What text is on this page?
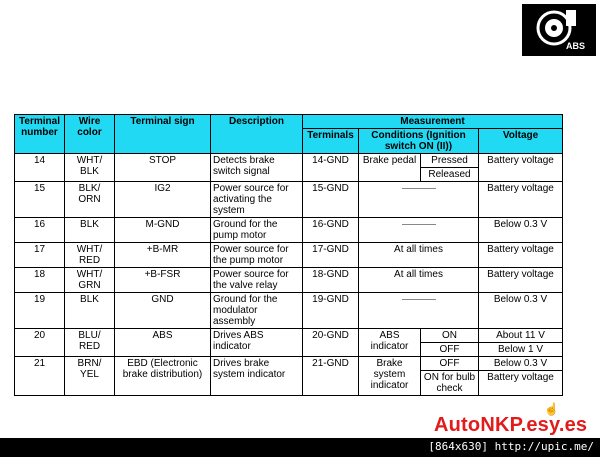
ABS
Terminal number	Wire color	Terminal sign	Description	Measurement			
				Terminals	Conditions (Ignition switch ON (II))		Voltage
14	WHT/ BLK	STOP	Detects brake switch signal	14-GND	Brake pedal	Pressed	Battery voltage
						Released	
15	BLK/ ORN	IG2	Power source for activating the system	15-GND			Battery voltage
16	BLK	M-GND	Ground for the pump motor	16-GND			Below 0.3 V
17	WHT/ RED	+B-MR	Power source for the pump motor	17-GND	At all times		Battery voltage
18	WHT/ GRN	+B-FSR	Power source for the valve relay	18-GND	At all times		Battery voltage
19	BLK	GND	Ground for the modulator assembly	19-GND			Below 0.3 V
20	BLU/ RED	ABS	Drives ABS indicator	20-GND	ABS indicator	ON	About 11 V
						OFF	Below 1 V
21	BRN/ YEL	EBD (Electronic brake distribution)	Drives brake system indicator	21-GND	Brake system indicator	OFF	Below 0.3 V
						ON for bulb check	Battery voltage
☝
AutoNKP.esy.es
[864x630] http://upic.me/
